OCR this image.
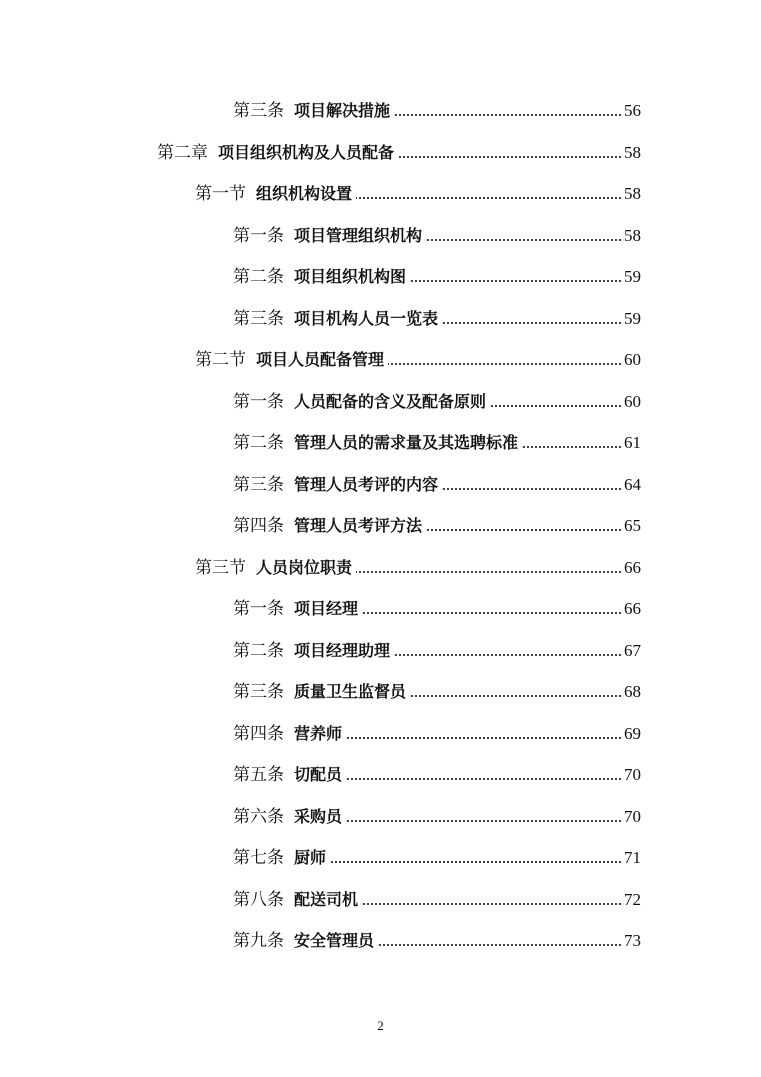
第三条 项目解决措施	56
第二章 项目组织机构及人员配备	58
第一节 组织机构设置	58
第一条 项目管理组织机构	58
第二条 项目组织机构图	59
第三条 项目机构人员一览表	59
第二节 项目人员配备管理	60
第一条 人员配备的含义及配备原则	60
第二条 管理人员的需求量及其选聘标准	61
第三条 管理人员考评的内容	64
第四条 管理人员考评方法	65
第三节 人员岗位职责	66
第一条 项目经理	66
第二条 项目经理助理	67
第三条 质量卫生监督员	68
第四条 营养师	69
第五条 切配员	70
第六条 采购员	70
第七条 厨师	71
第八条 配送司机	72
第九条 安全管理员	73
2
